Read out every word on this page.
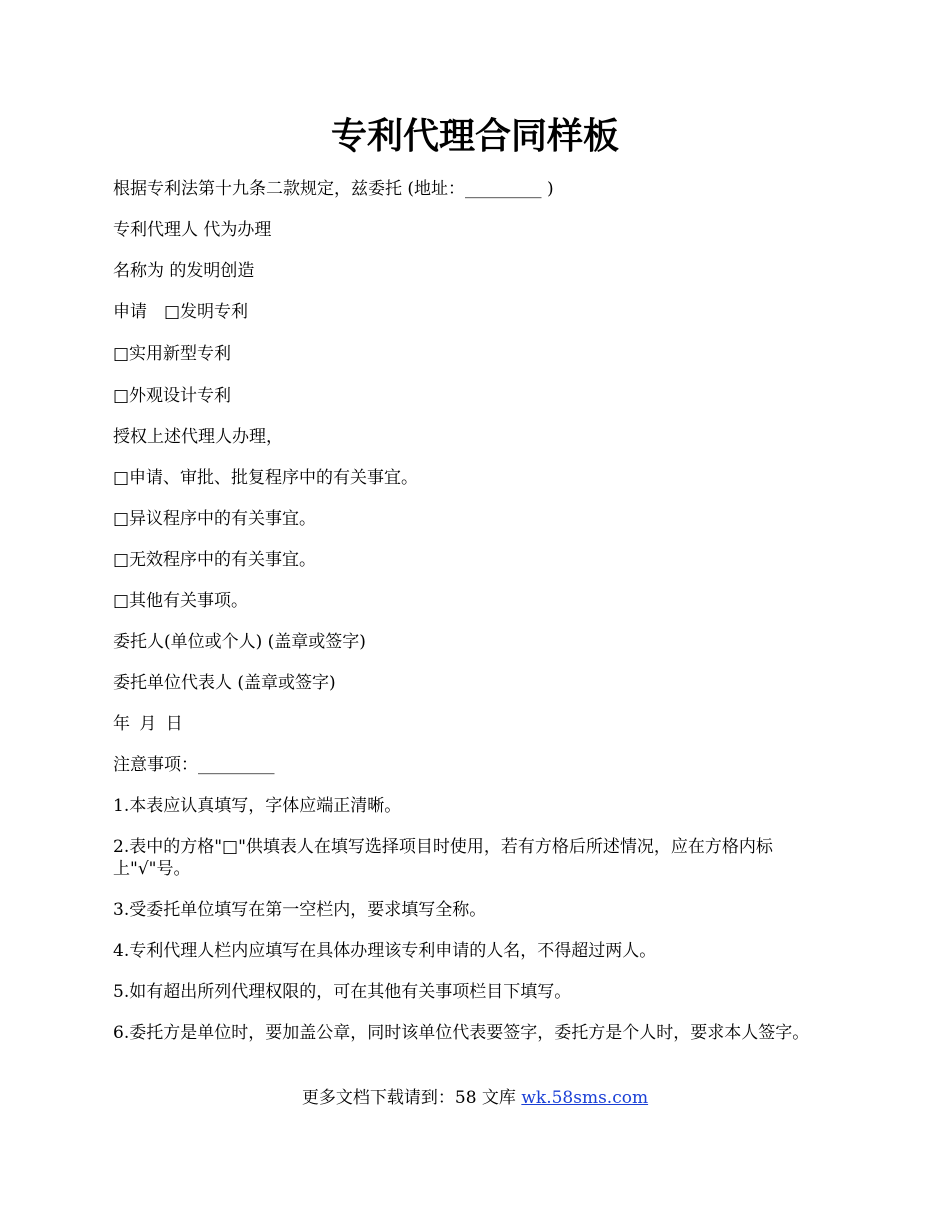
专利代理合同样板

根据专利法第十九条二款规定，兹委托 (地址：_________ )

专利代理人 代为办理

名称为 的发明创造

申请　□发明专利

□实用新型专利

□外观设计专利

授权上述代理人办理，

□申请、审批、批复程序中的有关事宜。

□异议程序中的有关事宜。

□无效程序中的有关事宜。

□其他有关事项。

委托人(单位或个人) (盖章或签字)

委托单位代表人 (盖章或签字)

年 月 日

注意事项：_________

1.本表应认真填写，字体应端正清晰。

2.表中的方格"□"供填表人在填写选择项目时使用，若有方格后所述情况，应在方格内标上"√"号。

3.受委托单位填写在第一空栏内，要求填写全称。

4.专利代理人栏内应填写在具体办理该专利申请的人名，不得超过两人。

5.如有超出所列代理权限的，可在其他有关事项栏目下填写。

6.委托方是单位时，要加盖公章，同时该单位代表要签字，委托方是个人时，要求本人签字。

更多文档下载请到：58 文库 wk.58sms.com
